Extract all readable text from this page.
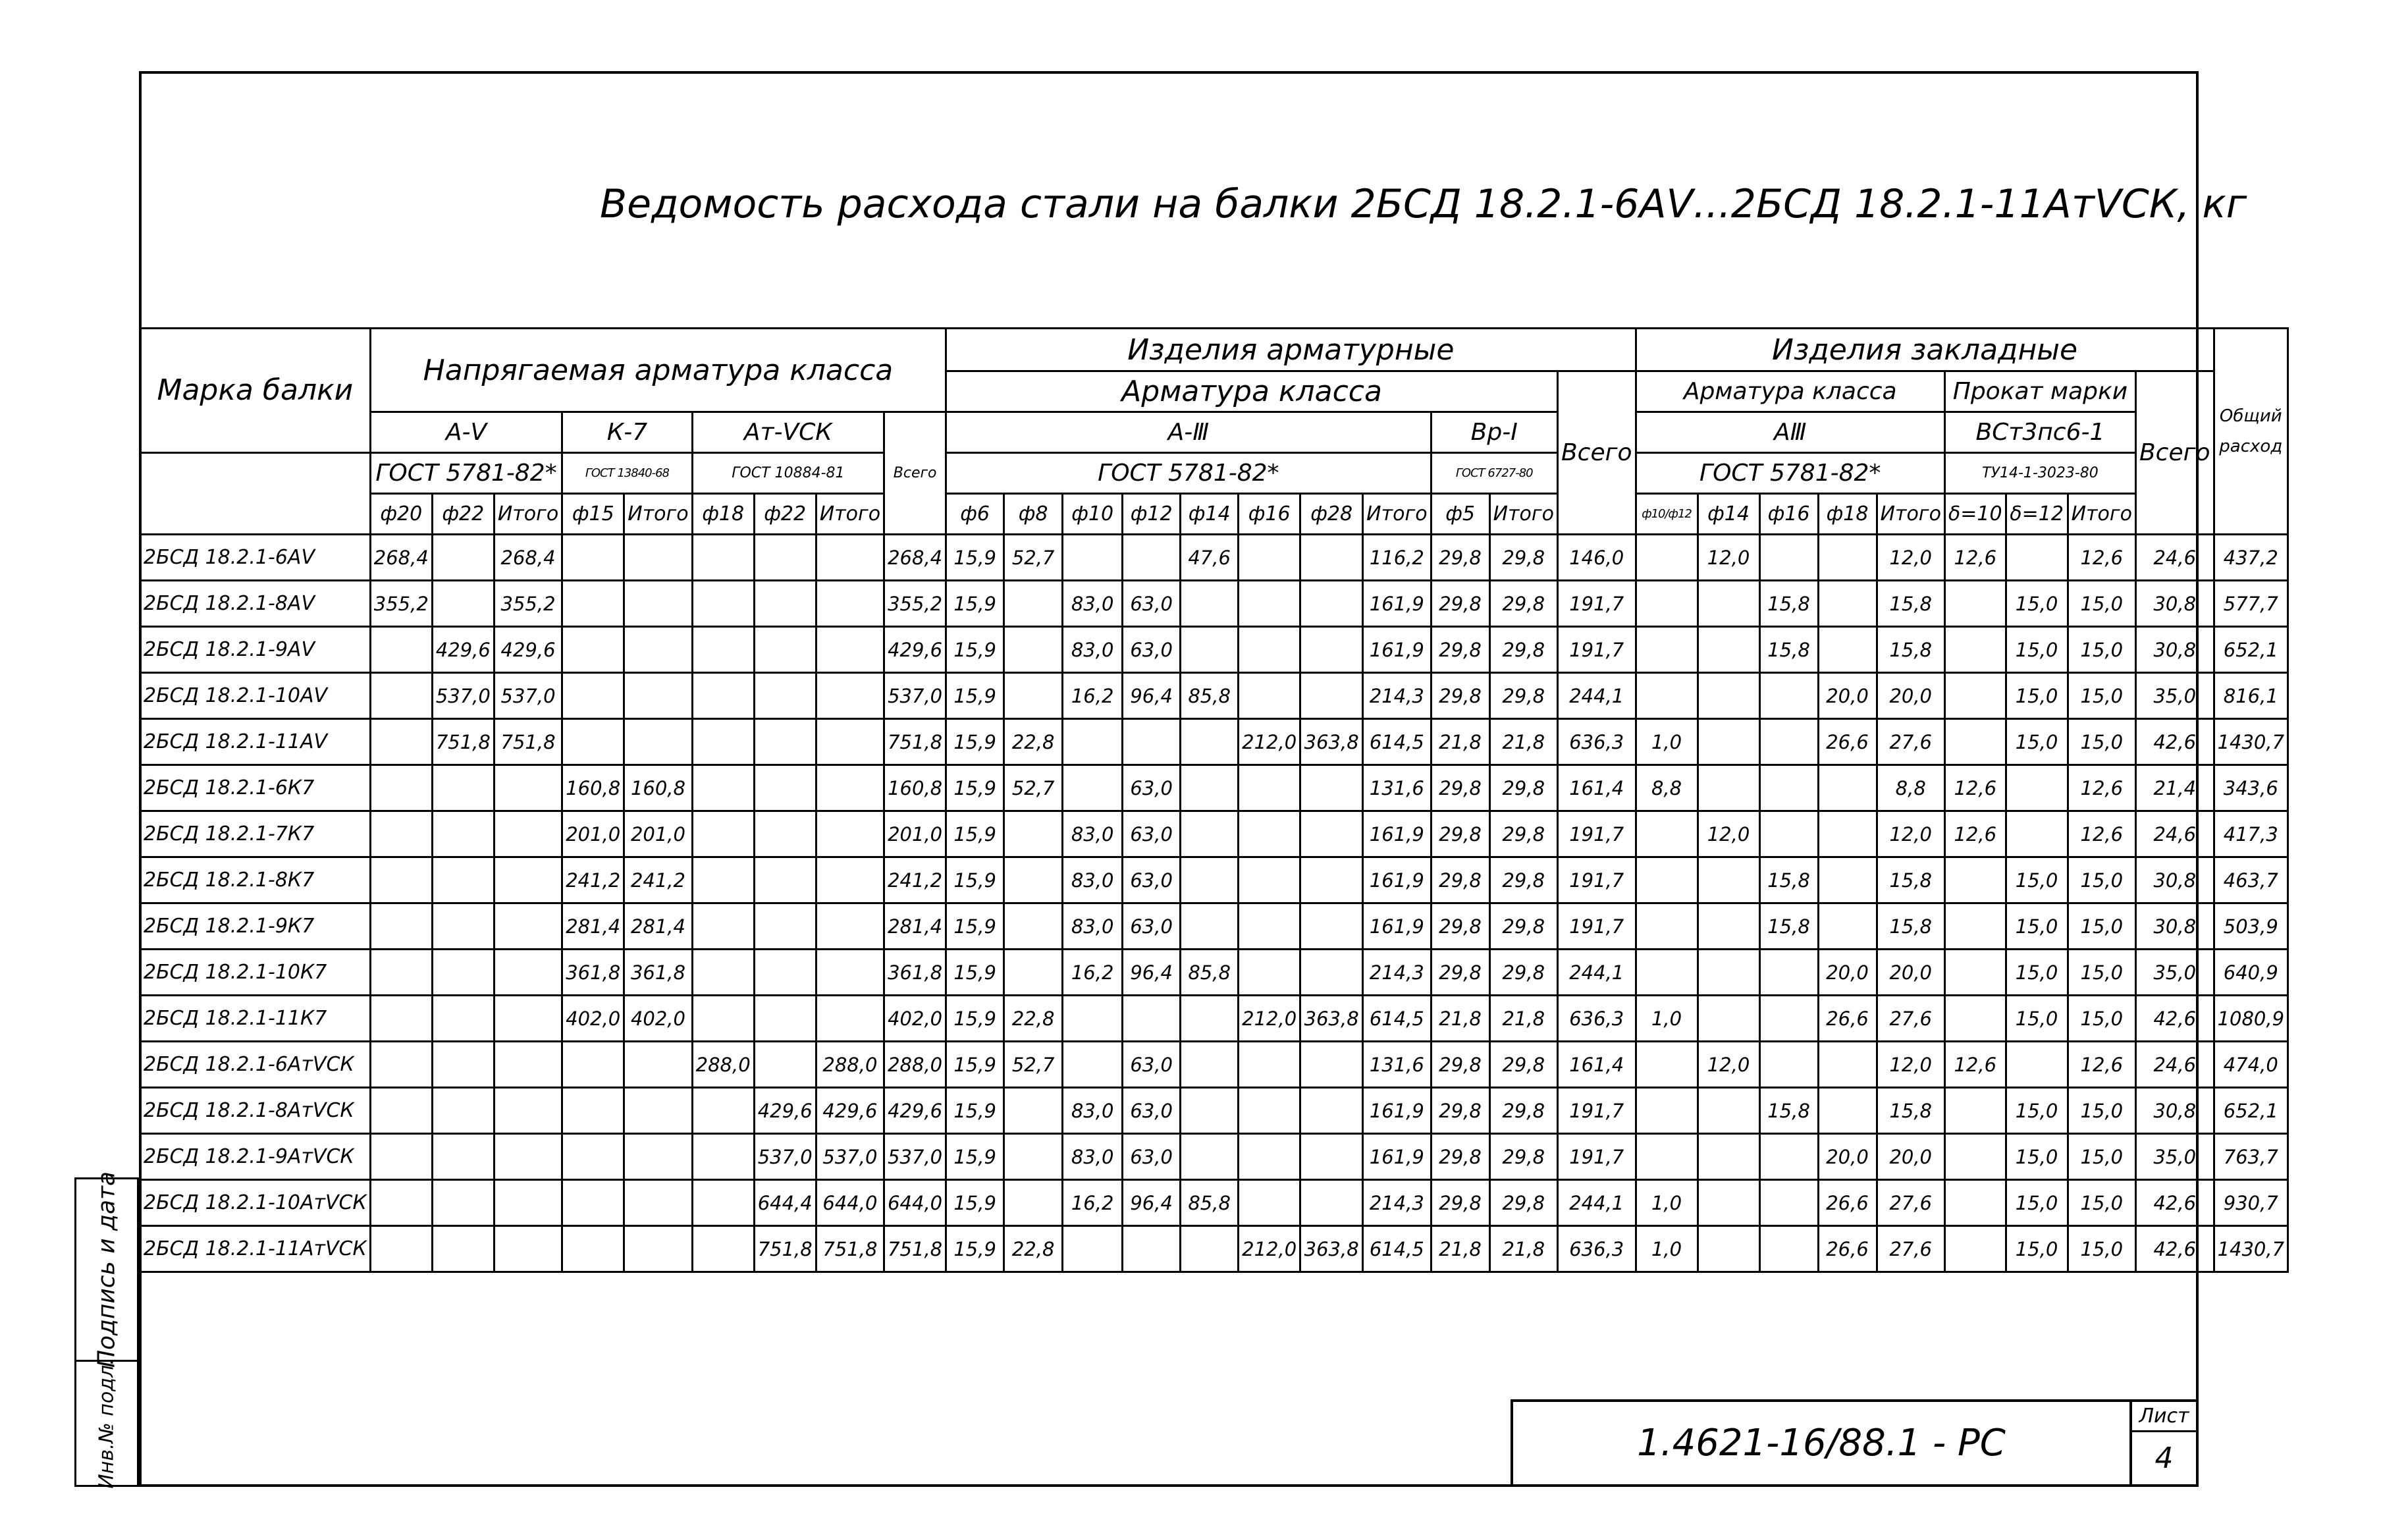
Ведомость расхода стали на балки 2БСД 18.2.1-6АⅤ...2БСД 18.2.1-11АтⅤСК, кг
Марка балки	Напрягаемая арматура класса									Изделия арматурные											Изделия закладные									Общий расход
										Арматура класса										Всего	Арматура класса					Прокат марки			Всего	
	А-Ⅴ			К-7		Ат-ⅤСК			Всего	А-Ⅲ								Вр-Ⅰ			АⅢ					ВСт3пс6-1				
	ГОСТ 5781-82*			ГОСТ 13840-68		ГОСТ 10884-81				ГОСТ 5781-82*								ГОСТ 6727-80			ГОСТ 5781-82*					ТУ14-1-3023-80				
	ф20	ф22	Итого	ф15	Итого	ф18	ф22	Итого		ф6	ф8	ф10	ф12	ф14	ф16	ф28	Итого	ф5	Итого		ф10/ф12	ф14	ф16	ф18	Итого	δ=10	δ=12	Итого		
2БСД 18.2.1-6АⅤ	268,4		268,4						268,4	15,9	52,7			47,6			116,2	29,8	29,8	146,0		12,0			12,0	12,6		12,6	24,6	437,2
2БСД 18.2.1-8АⅤ	355,2		355,2						355,2	15,9		83,0	63,0				161,9	29,8	29,8	191,7			15,8		15,8		15,0	15,0	30,8	577,7
2БСД 18.2.1-9АⅤ		429,6	429,6						429,6	15,9		83,0	63,0				161,9	29,8	29,8	191,7			15,8		15,8		15,0	15,0	30,8	652,1
2БСД 18.2.1-10АⅤ		537,0	537,0						537,0	15,9		16,2	96,4	85,8			214,3	29,8	29,8	244,1				20,0	20,0		15,0	15,0	35,0	816,1
2БСД 18.2.1-11АⅤ		751,8	751,8						751,8	15,9	22,8				212,0	363,8	614,5	21,8	21,8	636,3	1,0			26,6	27,6		15,0	15,0	42,6	1430,7
2БСД 18.2.1-6К7				160,8	160,8				160,8	15,9	52,7		63,0				131,6	29,8	29,8	161,4	8,8				8,8	12,6		12,6	21,4	343,6
2БСД 18.2.1-7К7				201,0	201,0				201,0	15,9		83,0	63,0				161,9	29,8	29,8	191,7		12,0			12,0	12,6		12,6	24,6	417,3
2БСД 18.2.1-8К7				241,2	241,2				241,2	15,9		83,0	63,0				161,9	29,8	29,8	191,7			15,8		15,8		15,0	15,0	30,8	463,7
2БСД 18.2.1-9К7				281,4	281,4				281,4	15,9		83,0	63,0				161,9	29,8	29,8	191,7			15,8		15,8		15,0	15,0	30,8	503,9
2БСД 18.2.1-10К7				361,8	361,8				361,8	15,9		16,2	96,4	85,8			214,3	29,8	29,8	244,1				20,0	20,0		15,0	15,0	35,0	640,9
2БСД 18.2.1-11К7				402,0	402,0				402,0	15,9	22,8				212,0	363,8	614,5	21,8	21,8	636,3	1,0			26,6	27,6		15,0	15,0	42,6	1080,9
2БСД 18.2.1-6АтⅤСК						288,0		288,0	288,0	15,9	52,7		63,0				131,6	29,8	29,8	161,4		12,0			12,0	12,6		12,6	24,6	474,0
2БСД 18.2.1-8АтⅤСК							429,6	429,6	429,6	15,9		83,0	63,0				161,9	29,8	29,8	191,7			15,8		15,8		15,0	15,0	30,8	652,1
2БСД 18.2.1-9АтⅤСК							537,0	537,0	537,0	15,9		83,0	63,0				161,9	29,8	29,8	191,7				20,0	20,0		15,0	15,0	35,0	763,7
2БСД 18.2.1-10АтⅤСК							644,4	644,0	644,0	15,9		16,2	96,4	85,8			214,3	29,8	29,8	244,1	1,0			26,6	27,6		15,0	15,0	42,6	930,7
2БСД 18.2.1-11АтⅤСК							751,8	751,8	751,8	15,9	22,8				212,0	363,8	614,5	21,8	21,8	636,3	1,0			26,6	27,6		15,0	15,0	42,6	1430,7
Подпись и дата
Инв.№ подл.	1.4621-16/88.1 - РС
Лист
4
